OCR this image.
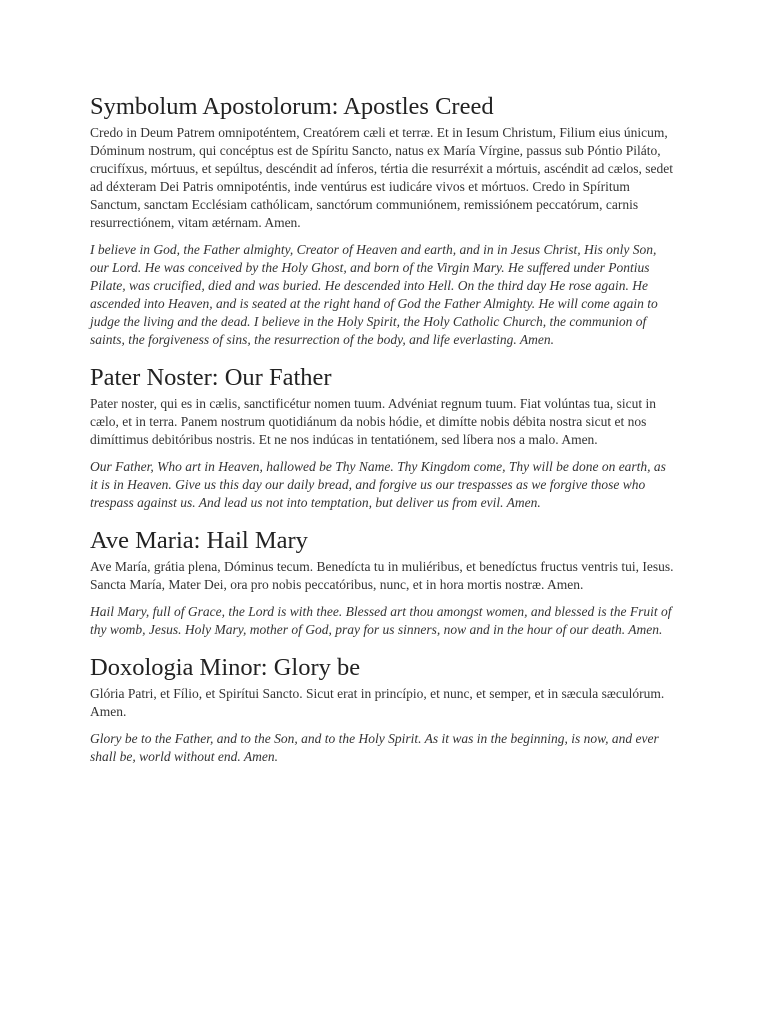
Symbolum Apostolorum: Apostles Creed

Credo in Deum Patrem omnipoténtem, Creatórem cæli et terræ. Et in Iesum Christum, Filium eius únicum, Dóminum nostrum, qui concéptus est de Spíritu Sancto, natus ex María Vírgine, passus sub Póntio Piláto, crucifíxus, mórtuus, et sepúltus, descéndit ad ínferos, tértia die resurréxit a mórtuis, ascéndit ad cælos, sedet ad déxteram Dei Patris omnipoténtis, inde ventúrus est iudicáre vivos et mórtuos. Credo in Spíritum Sanctum, sanctam Ecclésiam cathólicam, sanctórum communiónem, remissiónem peccatórum, carnis resurrectiónem, vitam ætérnam. Amen.

I believe in God, the Father almighty, Creator of Heaven and earth, and in in Jesus Christ, His only Son, our Lord. He was conceived by the Holy Ghost, and born of the Virgin Mary. He suffered under Pontius Pilate, was crucified, died and was buried. He descended into Hell. On the third day He rose again. He ascended into Heaven, and is seated at the right hand of God the Father Almighty. He will come again to judge the living and the dead. I believe in the Holy Spirit, the Holy Catholic Church, the communion of saints, the forgiveness of sins, the resurrection of the body, and life everlasting. Amen.

Pater Noster: Our Father

Pater noster, qui es in cælis, sanctificétur nomen tuum. Advéniat regnum tuum. Fiat volúntas tua, sicut in cælo, et in terra. Panem nostrum quotidiánum da nobis hódie, et dimítte nobis débita nostra sicut et nos dimíttimus debitóribus nostris. Et ne nos indúcas in tentatiónem, sed líbera nos a malo. Amen.

Our Father, Who art in Heaven, hallowed be Thy Name. Thy Kingdom come, Thy will be done on earth, as it is in Heaven. Give us this day our daily bread, and forgive us our trespasses as we forgive those who trespass against us. And lead us not into temptation, but deliver us from evil. Amen.

Ave Maria: Hail Mary

Ave María, grátia plena, Dóminus tecum. Benedícta tu in muliéribus, et benedíctus fructus ventris tui, Iesus. Sancta María, Mater Dei, ora pro nobis peccatóribus, nunc, et in hora mortis nostræ. Amen.

Hail Mary, full of Grace, the Lord is with thee. Blessed art thou amongst women, and blessed is the Fruit of thy womb, Jesus. Holy Mary, mother of God, pray for us sinners, now and in the hour of our death. Amen.

Doxologia Minor: Glory be

Glória Patri, et Fílio, et Spirítui Sancto. Sicut erat in princípio, et nunc, et semper, et in sæcula sæculórum. Amen.

Glory be to the Father, and to the Son, and to the Holy Spirit. As it was in the beginning, is now, and ever shall be, world without end. Amen.
